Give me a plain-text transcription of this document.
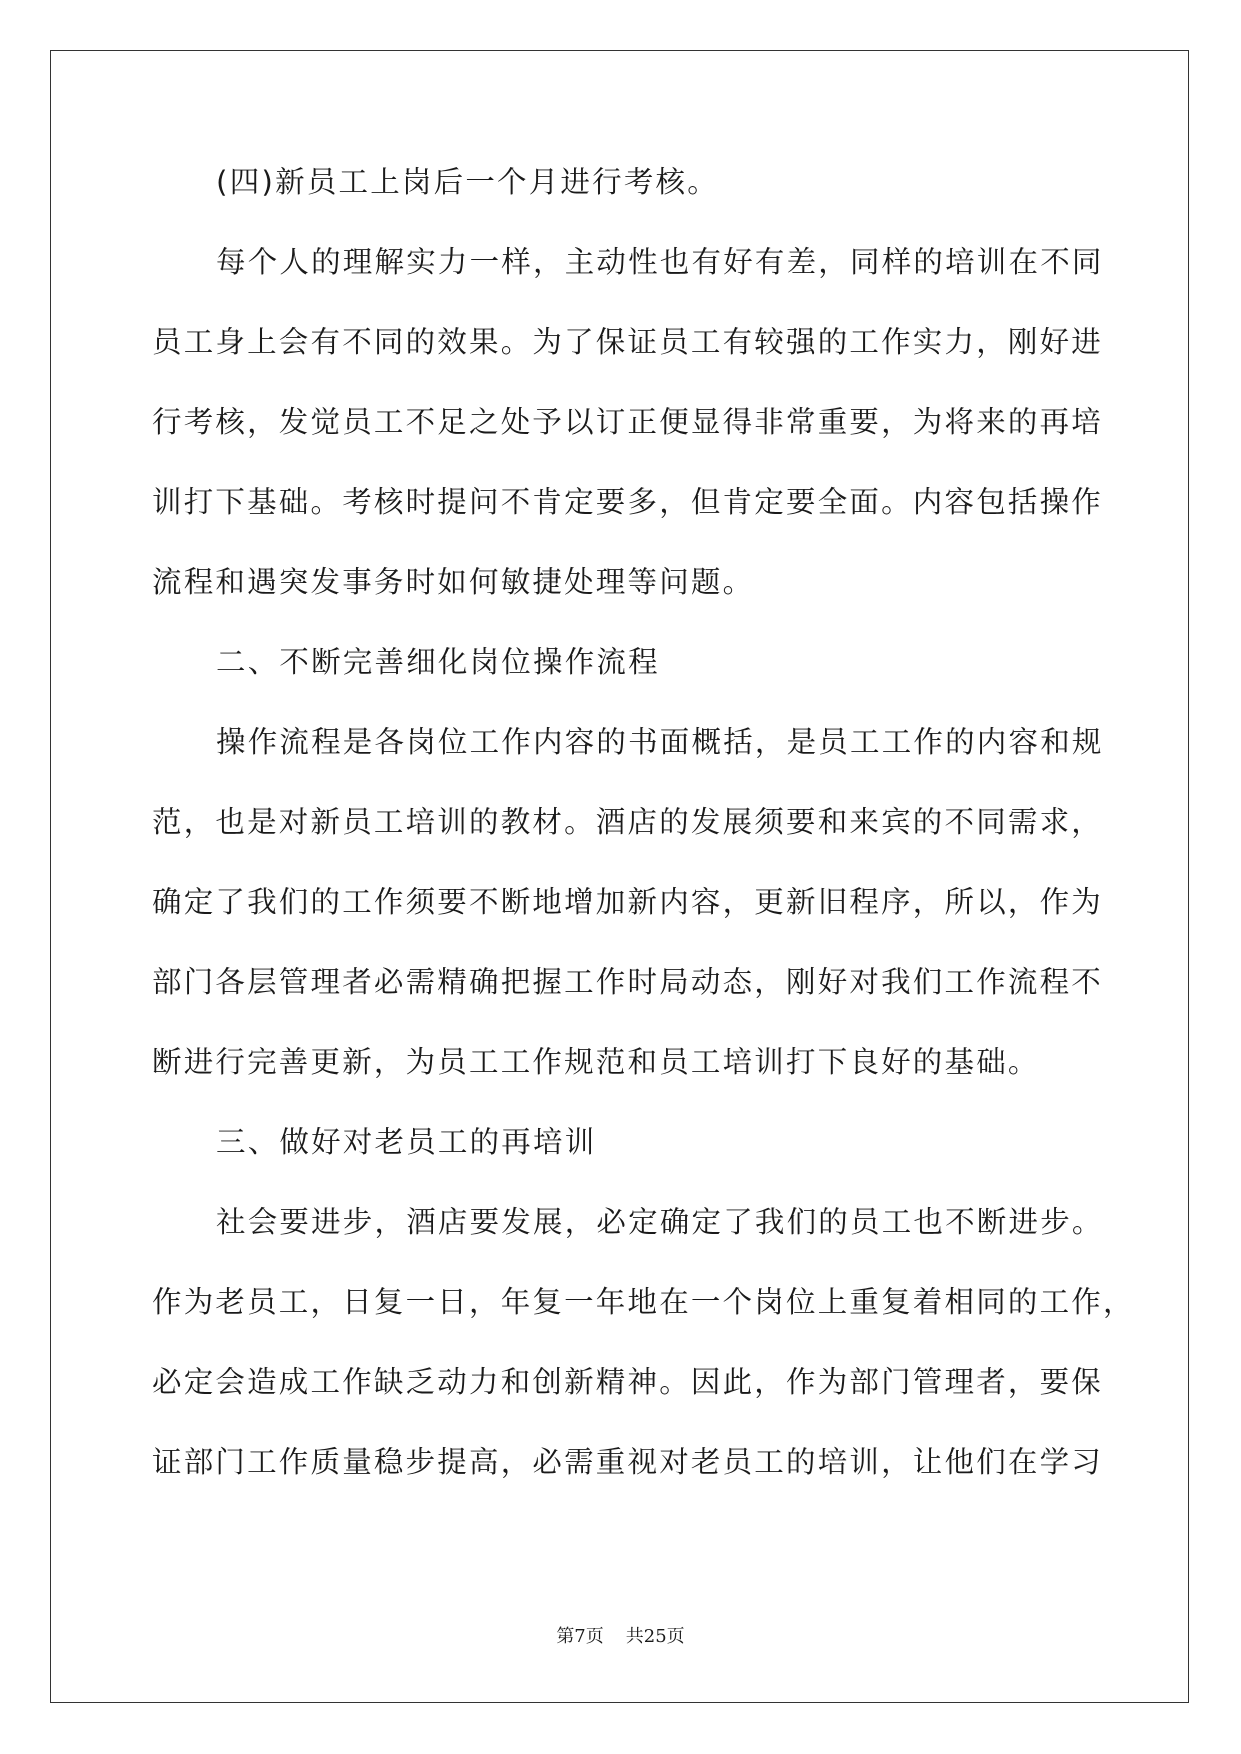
(四)新员工上岗后一个月进行考核。
每个人的理解实力一样，主动性也有好有差，同样的培训在不同
员工身上会有不同的效果。为了保证员工有较强的工作实力，刚好进
行考核，发觉员工不足之处予以订正便显得非常重要，为将来的再培
训打下基础。考核时提问不肯定要多，但肯定要全面。内容包括操作
流程和遇突发事务时如何敏捷处理等问题。
二、不断完善细化岗位操作流程
操作流程是各岗位工作内容的书面概括，是员工工作的内容和规
范，也是对新员工培训的教材。酒店的发展须要和来宾的不同需求，
确定了我们的工作须要不断地增加新内容，更新旧程序，所以，作为
部门各层管理者必需精确把握工作时局动态，刚好对我们工作流程不
断进行完善更新，为员工工作规范和员工培训打下良好的基础。
三、做好对老员工的再培训
社会要进步，酒店要发展，必定确定了我们的员工也不断进步。
作为老员工，日复一日，年复一年地在一个岗位上重复着相同的工作，
必定会造成工作缺乏动力和创新精神。因此，作为部门管理者，要保
证部门工作质量稳步提高，必需重视对老员工的培训，让他们在学习
第7页 共25页
